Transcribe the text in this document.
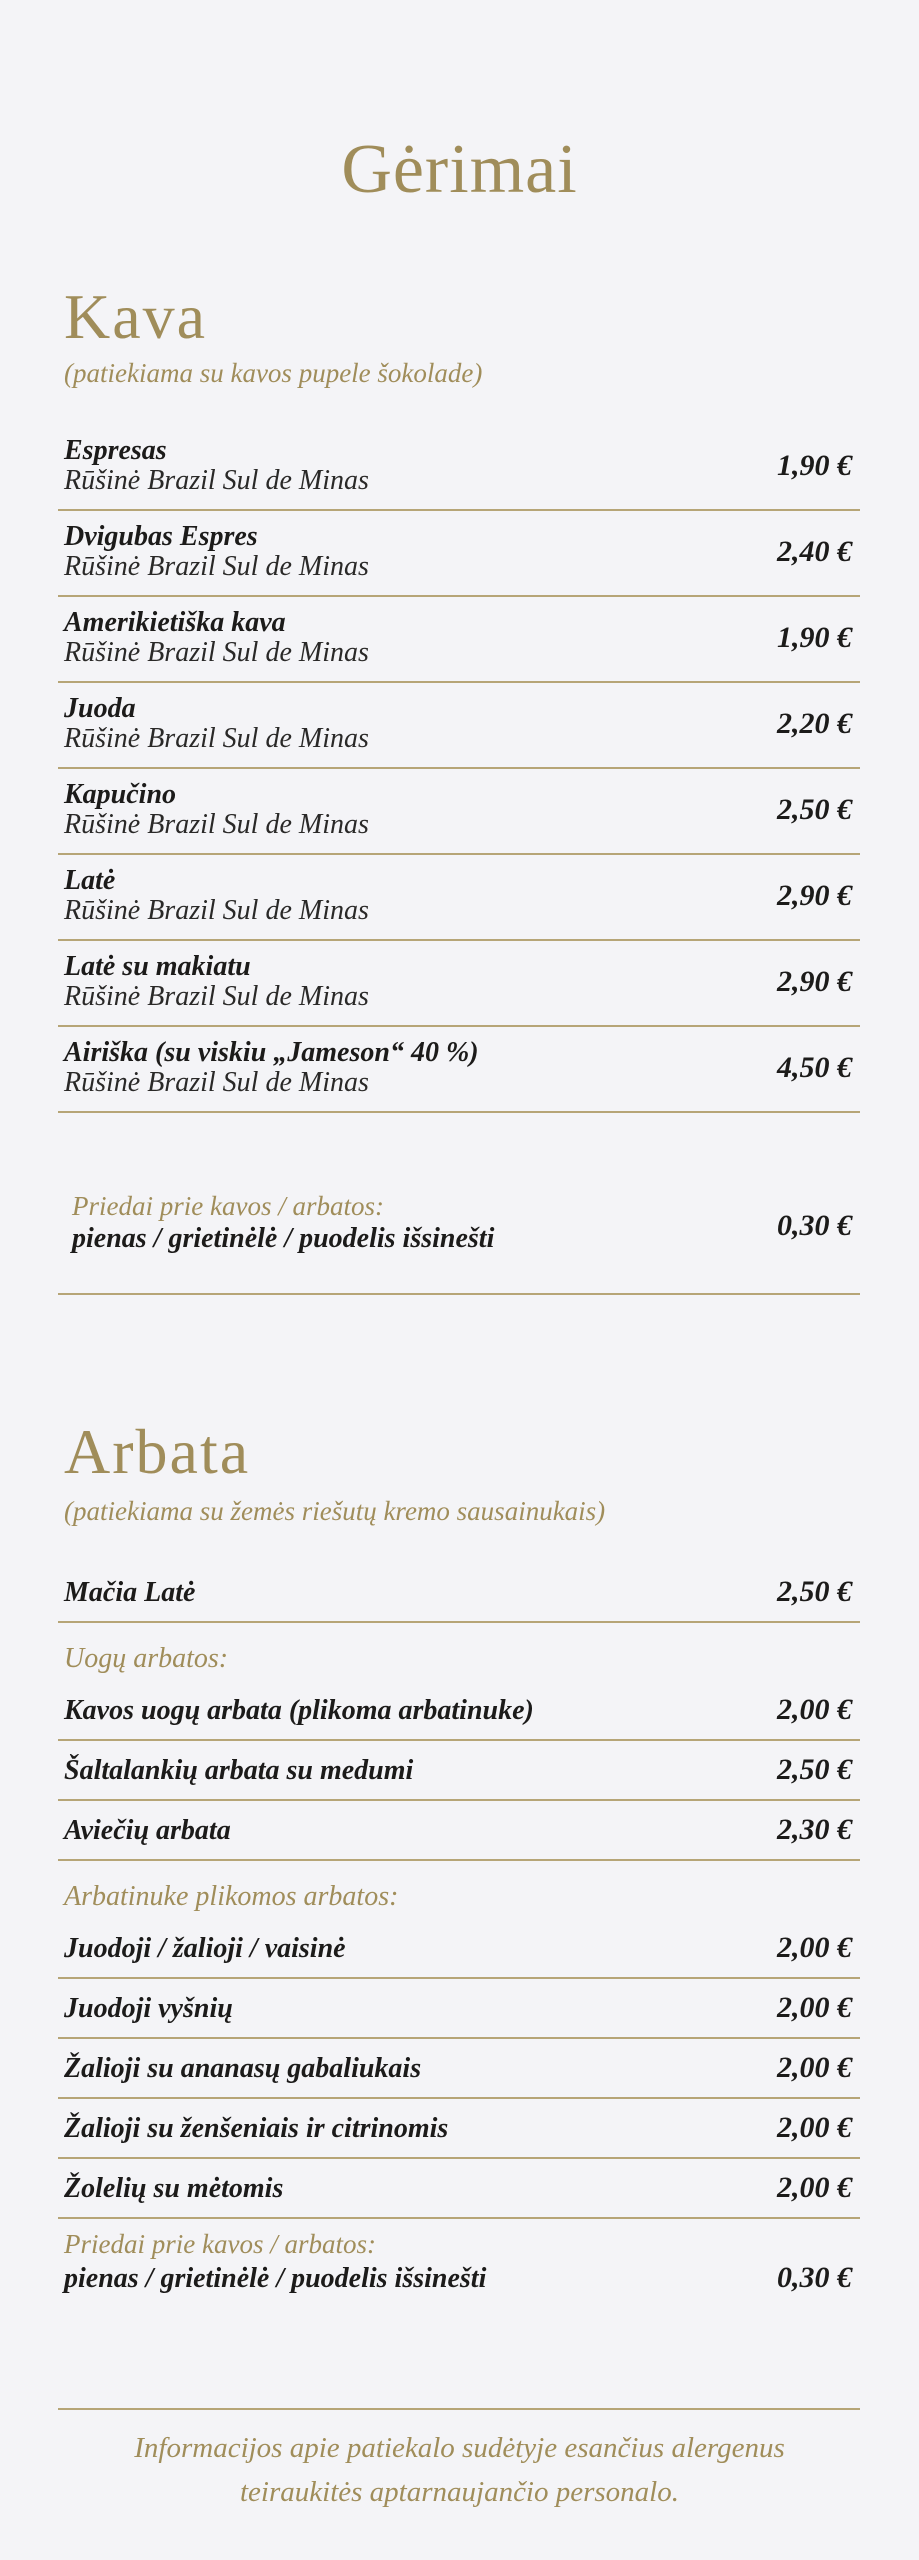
Gėrimai
Kava
(patiekiama su kavos pupele šokolade)
Espresas
Rūšinė Brazil Sul de Minas	1,90 €
Dvigubas Espres
Rūšinė Brazil Sul de Minas	2,40 €
Amerikietiška kava
Rūšinė Brazil Sul de Minas	1,90 €
Juoda
Rūšinė Brazil Sul de Minas	2,20 €
Kapučino
Rūšinė Brazil Sul de Minas	2,50 €
Latė
Rūšinė Brazil Sul de Minas	2,90 €
Latė su makiatu
Rūšinė Brazil Sul de Minas	2,90 €
Airiška (su viskiu „Jameson“ 40 %)
Rūšinė Brazil Sul de Minas	4,50 €
Priedai prie kavos / arbatos:
pienas / grietinėlė / puodelis išsinešti	0,30 €
Arbata
(patiekiama su žemės riešutų kremo sausainukais)
Mačia Latė	2,50 €
Uogų arbatos:
Kavos uogų arbata (plikoma arbatinuke)	2,00 €
Šaltalankių arbata su medumi	2,50 €
Aviečių arbata	2,30 €
Arbatinuke plikomos arbatos:
Juodoji / žalioji / vaisinė	2,00 €
Juodoji vyšnių	2,00 €
Žalioji su ananasų gabaliukais	2,00 €
Žalioji su ženšeniais ir citrinomis	2,00 €
Žolelių su mėtomis	2,00 €
Priedai prie kavos / arbatos:
pienas / grietinėlė / puodelis išsinešti	0,30 €
Informacijos apie patiekalo sudėtyje esančius alergenus
teiraukitės aptarnaujančio personalo.
